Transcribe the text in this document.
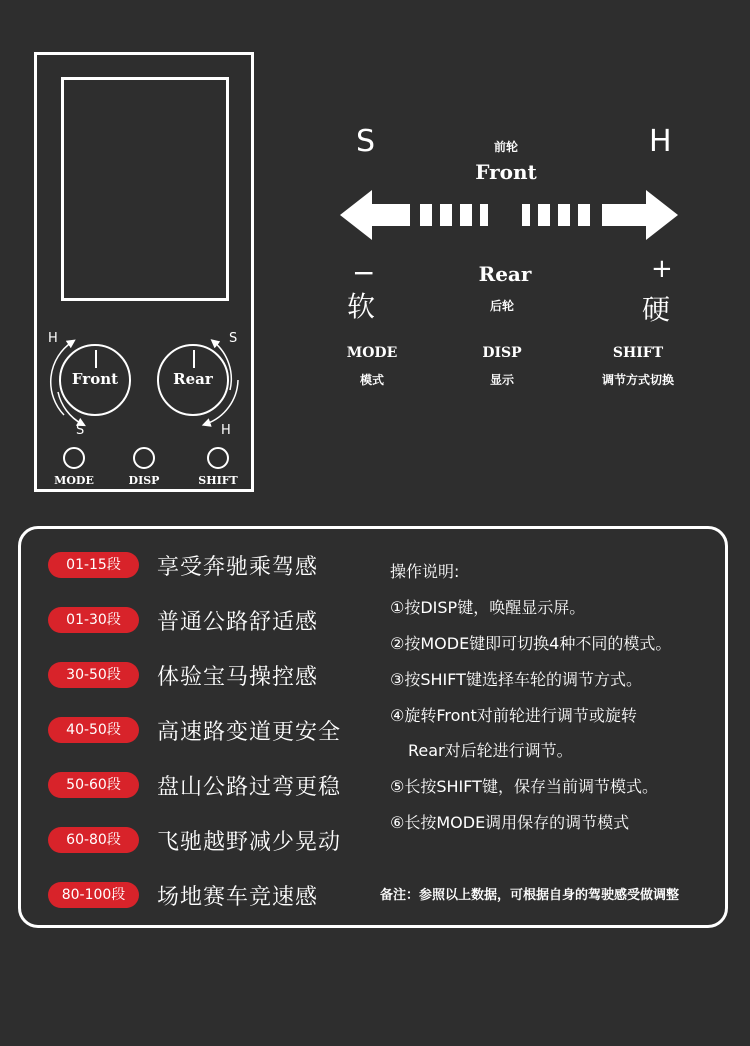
H
S
S
H
Front	Rear
MODE	DISP	SHIFT
S	H
前轮
Front
−	+
软	硬
Rear
后轮
MODE
模式
DISP
显示
SHIFT
调节方式切换
01-15段	享受奔驰乘驾感
01-30段	普通公路舒适感
30-50段	体验宝马操控感
40-50段	高速路变道更安全
50-60段	盘山公路过弯更稳
60-80段	飞驰越野减少晃动
80-100段	场地赛车竞速感
操作说明:
①按DISP键，唤醒显示屏。
②按MODE键即可切换4种不同的模式。
③按SHIFT键选择车轮的调节方式。
④旋转Front对前轮进行调节或旋转
Rear对后轮进行调节。
⑤长按SHIFT键，保存当前调节模式。
⑥长按MODE调用保存的调节模式
备注：参照以上数据，可根据自身的驾驶感受做调整
